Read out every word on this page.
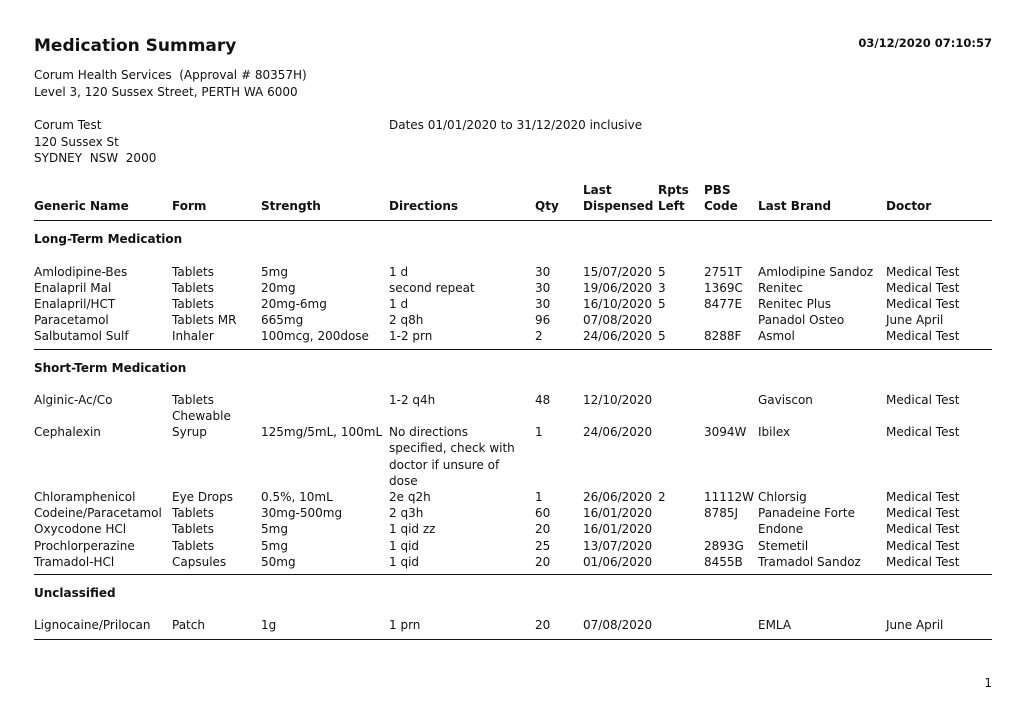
Medication Summary	03/12/2020 07:10:57
Corum Health Services  (Approval # 80357H)
Level 3, 120 Sussex Street, PERTH WA 6000
Corum Test
120 Sussex St
SYDNEY  NSW  2000
Dates 01/01/2020 to 31/12/2020 inclusive
Generic Name	Form	Strength	Directions	Qty	Last Dispensed	Rpts Left	PBS Code	Last Brand	Doctor
Long-Term Medication									
Amlodipine-Bes	Tablets	5mg	1 d	30	15/07/2020	5	2751T	Amlodipine Sandoz	Medical Test
Enalapril Mal	Tablets	20mg	second repeat	30	19/06/2020	3	1369C	Renitec	Medical Test
Enalapril/HCT	Tablets	20mg-6mg	1 d	30	16/10/2020	5	8477E	Renitec Plus	Medical Test
Paracetamol	Tablets MR	665mg	2 q8h	96	07/08/2020			Panadol Osteo	June April
Salbutamol Sulf	Inhaler	100mcg, 200dose	1-2 prn	2	24/06/2020	5	8288F	Asmol	Medical Test

Short-Term Medication									
Alginic-Ac/Co	Tablets Chewable		1-2 q4h	48	12/10/2020			Gaviscon	Medical Test
Cephalexin	Syrup	125mg/5mL, 100mL	No directions specified, check with doctor if unsure of dose	1	24/06/2020		3094W	Ibilex	Medical Test
Chloramphenicol	Eye Drops	0.5%, 10mL	2e q2h	1	26/06/2020	2	11112W	Chlorsig	Medical Test
Codeine/Paracetamol	Tablets	30mg-500mg	2 q3h	60	16/01/2020		8785J	Panadeine Forte	Medical Test
Oxycodone HCl	Tablets	5mg	1 qid zz	20	16/01/2020			Endone	Medical Test
Prochlorperazine	Tablets	5mg	1 qid	25	13/07/2020		2893G	Stemetil	Medical Test
Tramadol-HCl	Capsules	50mg	1 qid	20	01/06/2020		8455B	Tramadol Sandoz	Medical Test

Unclassified									
Lignocaine/Prilocan	Patch	1g	1 prn	20	07/08/2020			EMLA	June April

1
